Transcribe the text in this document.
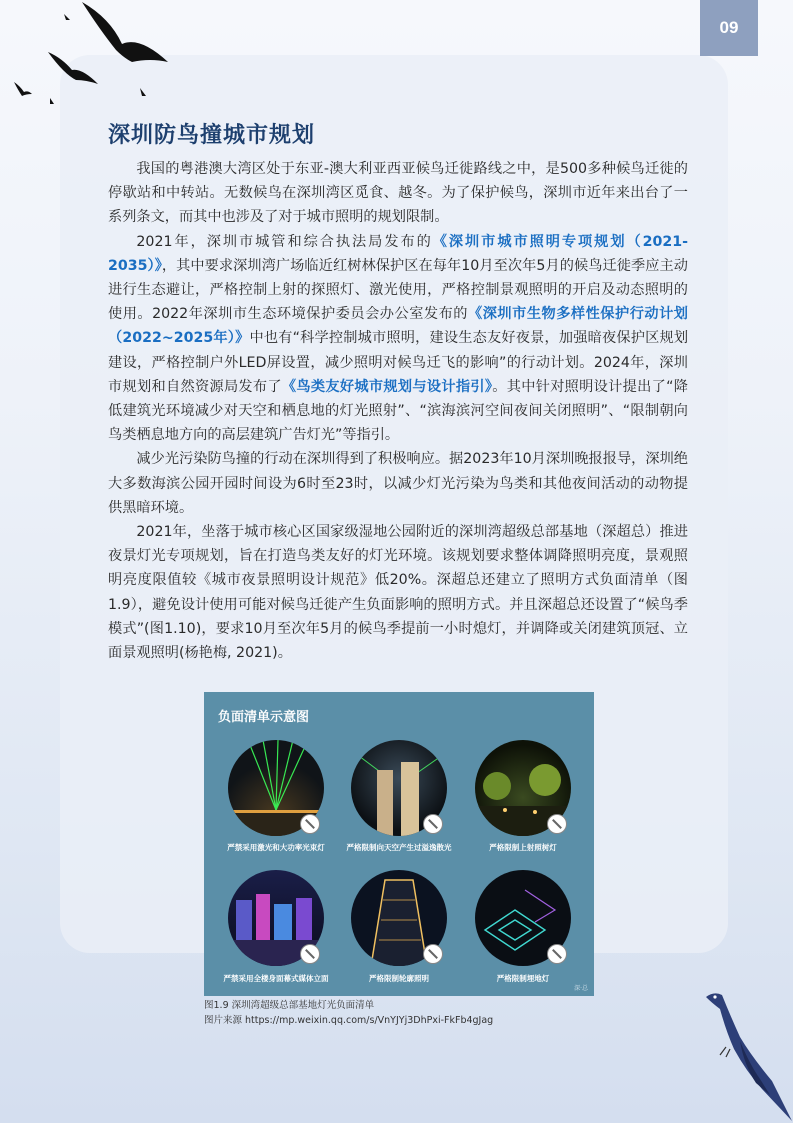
09
深圳防鸟撞城市规划

我国的粤港澳大湾区处于东亚-澳大利亚西亚候鸟迁徙路线之中，是500多种候鸟迁徙的停歇站和中转站。无数候鸟在深圳湾区觅食、越冬。为了保护候鸟，深圳市近年来出台了一系列条文，而其中也涉及了对于城市照明的规划限制。

2021年，深圳市城管和综合执法局发布的《深圳市城市照明专项规划（2021-2035）》，其中要求深圳湾广场临近红树林保护区在每年10月至次年5月的候鸟迁徙季应主动进行生态避让，严格控制上射的探照灯、激光使用，严格控制景观照明的开启及动态照明的使用。2022年深圳市生态环境保护委员会办公室发布的《深圳市生物多样性保护行动计划（2022~2025年）》中也有“科学控制城市照明，建设生态友好夜景，加强暗夜保护区规划建设，严格控制户外LED屏设置，减少照明对候鸟迁飞的影响”的行动计划。2024年，深圳市规划和自然资源局发布了《鸟类友好城市规划与设计指引》。其中针对照明设计提出了“降低建筑光环境减少对天空和栖息地的灯光照射”、“滨海滨河空间夜间关闭照明”、“限制朝向鸟类栖息地方向的高层建筑广告灯光”等指引。

减少光污染防鸟撞的行动在深圳得到了积极响应。据2023年10月深圳晚报报导，深圳绝大多数海滨公园开园时间设为6时至23时，以减少灯光污染为鸟类和其他夜间活动的动物提供黑暗环境。

2021年，坐落于城市核心区国家级湿地公园附近的深圳湾超级总部基地（深超总）推进夜景灯光专项规划，旨在打造鸟类友好的灯光环境。该规划要求整体调降照明亮度，景观照明亮度限值较《城市夜景照明设计规范》低20%。深超总还建立了照明方式负面清单（图1.9），避免设计使用可能对候鸟迁徙产生负面影响的照明方式。并且深超总还设置了“候鸟季模式”(图1.10)，要求10月至次年5月的候鸟季提前一小时熄灯，并调降或关闭建筑顶冠、立面景观照明(杨艳梅, 2021)。

负面清单示意图
严禁采用激光和大功率光束灯	严格限制向天空产生过溢逸散光	严格限制上射照树灯
严禁采用全楼身面幕式媒体立面	严格限制轮廓照明	严格限制埋地灯
深·总
图1.9 深圳湾超级总部基地灯光负面清单
图片来源 https://mp.weixin.qq.com/s/VnYJYj3DhPxi-FkFb4gJag
